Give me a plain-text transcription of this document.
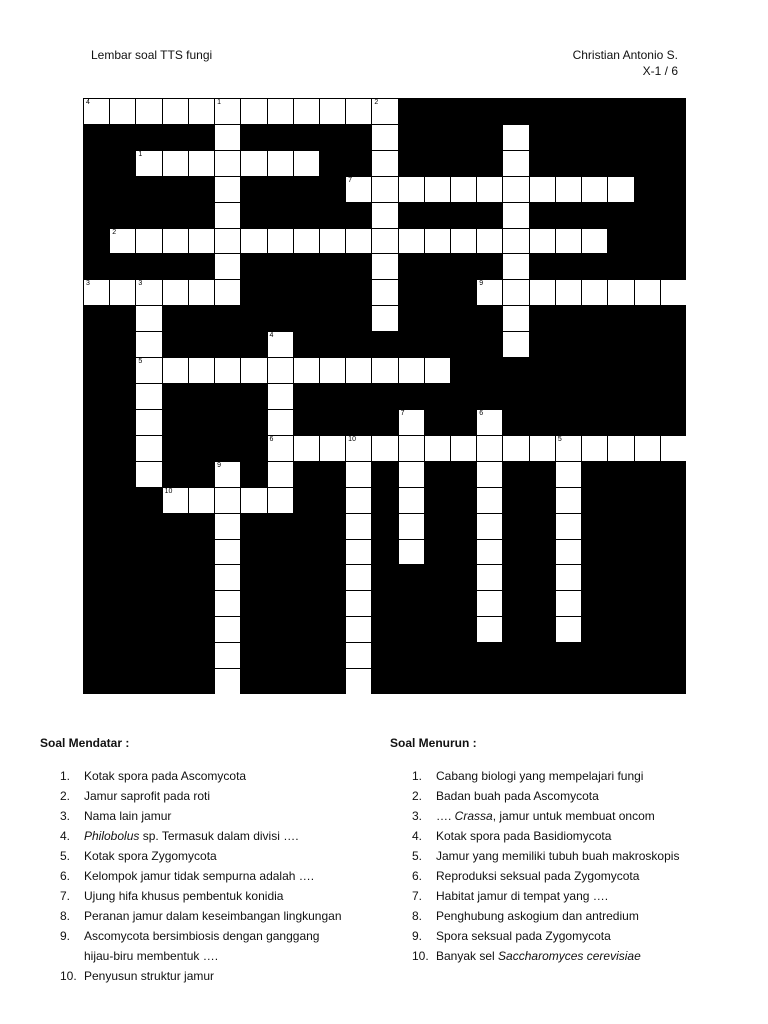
Lembar soal TTS fungi	Christian Antonio S.
X-1 / 6
4	1
1
7
2
3	3	9
5
6	10	5
10
2
4
7	6
9
Soal Mendatar :	Soal Menurun :
1. Kotak spora pada Ascomycota
2. Jamur saprofit pada roti
3. Nama lain jamur
4. Philobolus sp. Termasuk dalam divisi ….
5. Kotak spora Zygomycota
6. Kelompok jamur tidak sempurna adalah ….
7. Ujung hifa khusus pembentuk konidia
8. Peranan jamur dalam keseimbangan lingkungan
9. Ascomycota bersimbiosis dengan ganggang
hijau-biru membentuk ….
10. Penyusun struktur jamur
1. Cabang biologi yang mempelajari fungi
2. Badan buah pada Ascomycota
3. …. Crassa, jamur untuk membuat oncom
4. Kotak spora pada Basidiomycota
5. Jamur yang memiliki tubuh buah makroskopis
6. Reproduksi seksual pada Zygomycota
7. Habitat jamur di tempat yang ….
8. Penghubung askogium dan antredium
9. Spora seksual pada Zygomycota
10. Banyak sel Saccharomyces cerevisiae
